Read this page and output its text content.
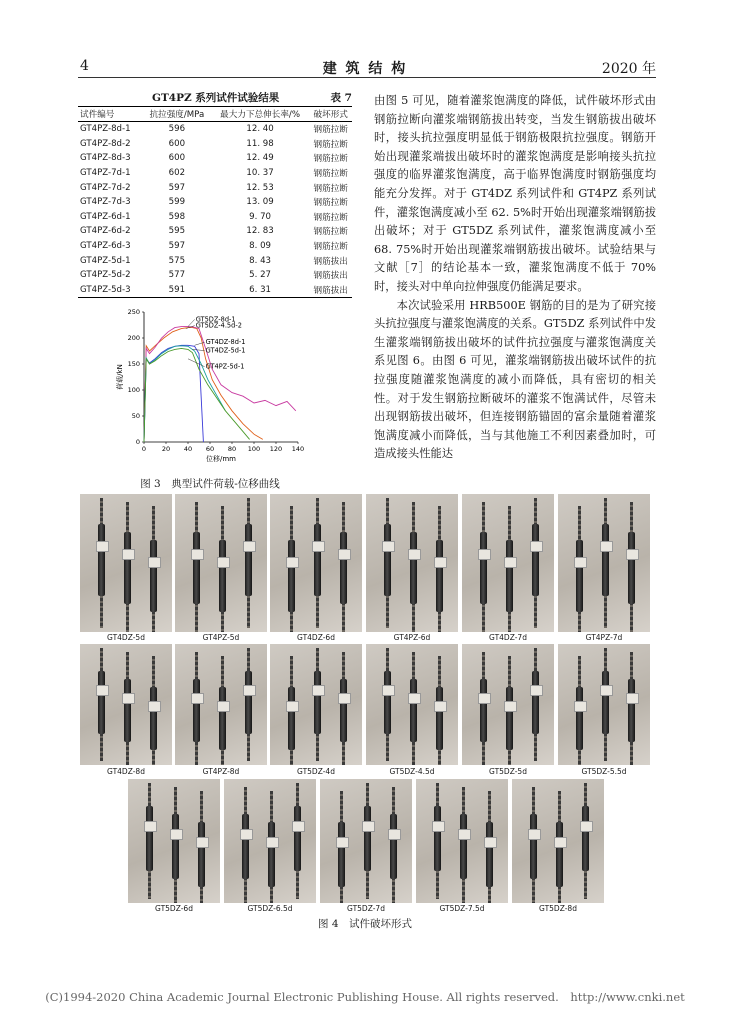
4	建 筑 结 构	2020 年
GT4PZ 系列试件试验结果	表 7
试件编号	抗拉强度/MPa	最大力下总伸长率/%	破坏形式
GT4PZ-8d-1	596	12. 40	钢筋拉断
GT4PZ-8d-2	600	11. 98	钢筋拉断
GT4PZ-8d-3	600	12. 49	钢筋拉断
GT4PZ-7d-1	602	10. 37	钢筋拉断
GT4PZ-7d-2	597	12. 53	钢筋拉断
GT4PZ-7d-3	599	13. 09	钢筋拉断
GT4PZ-6d-1	598	9. 70	钢筋拉断
GT4PZ-6d-2	595	12. 83	钢筋拉断
GT4PZ-6d-3	597	8. 09	钢筋拉断
GT4PZ-5d-1	575	8. 43	钢筋拔出
GT4PZ-5d-2	577	5. 27	钢筋拔出
GT4PZ-5d-3	591	6. 31	钢筋拔出

由图 5 可见，随着灌浆饱满度的降低，试件破坏形式由钢筋拉断向灌浆端钢筋拔出转变，当发生钢筋拔出破坏时，接头抗拉强度明显低于钢筋极限抗拉强度。钢筋开始出现灌浆端拔出破坏时的灌浆饱满度是影响接头抗拉强度的临界灌浆饱满度，高于临界饱满度时钢筋强度均能充分发挥。对于 GT4DZ 系列试件和 GT4PZ 系列试件，灌浆饱满度减小至 62. 5%时开始出现灌浆端钢筋拔出破坏；对于 GT5DZ 系列试件，灌浆饱满度减小至 68. 75%时开始出现灌浆端钢筋拔出破坏。试验结果与文献［7］的结论基本一致，灌浆饱满度不低于 70%时，接头对中单向拉伸强度仍能满足要求。

本次试验采用 HRB500E 钢筋的目的是为了研究接头抗拉强度与灌浆饱满度的关系。GT5DZ 系列试件中发生灌浆端钢筋拔出破坏的试件抗拉强度与灌浆饱满度关系见图 6。由图 6 可见，灌浆端钢筋拔出破坏试件的抗拉强度随灌浆饱满度的减小而降低，具有密切的相关性。对于发生钢筋拉断破坏的灌浆不饱满试件，尽管未出现钢筋拔出破坏，但连接钢筋锚固的富余量随着灌浆饱满度减小而降低，当与其他施工不利因素叠加时，可造成接头性能达

0 20 40 60 80 100 120 140
0
50
100
150
200
250
位移/mm
荷载/kN
GT5DZ-8d-1
GT5DZ-4.5d-2
GT4DZ-8d-1
GT4DZ-5d-1
GT4PZ-5d-1
图 3　典型试件荷载-位移曲线
GT4DZ-5d	GT4PZ-5d	GT4DZ-6d	GT4PZ-6d	GT4DZ-7d	GT4PZ-7d
GT4DZ-8d	GT4PZ-8d	GT5DZ-4d	GT5DZ-4.5d	GT5DZ-5d	GT5DZ-5.5d
GT5DZ-6d	GT5DZ-6.5d	GT5DZ-7d	GT5DZ-7.5d	GT5DZ-8d
图 4　试件破坏形式
(C)1994-2020 China Academic Journal Electronic Publishing House. All rights reserved.　http://www.cnki.net
